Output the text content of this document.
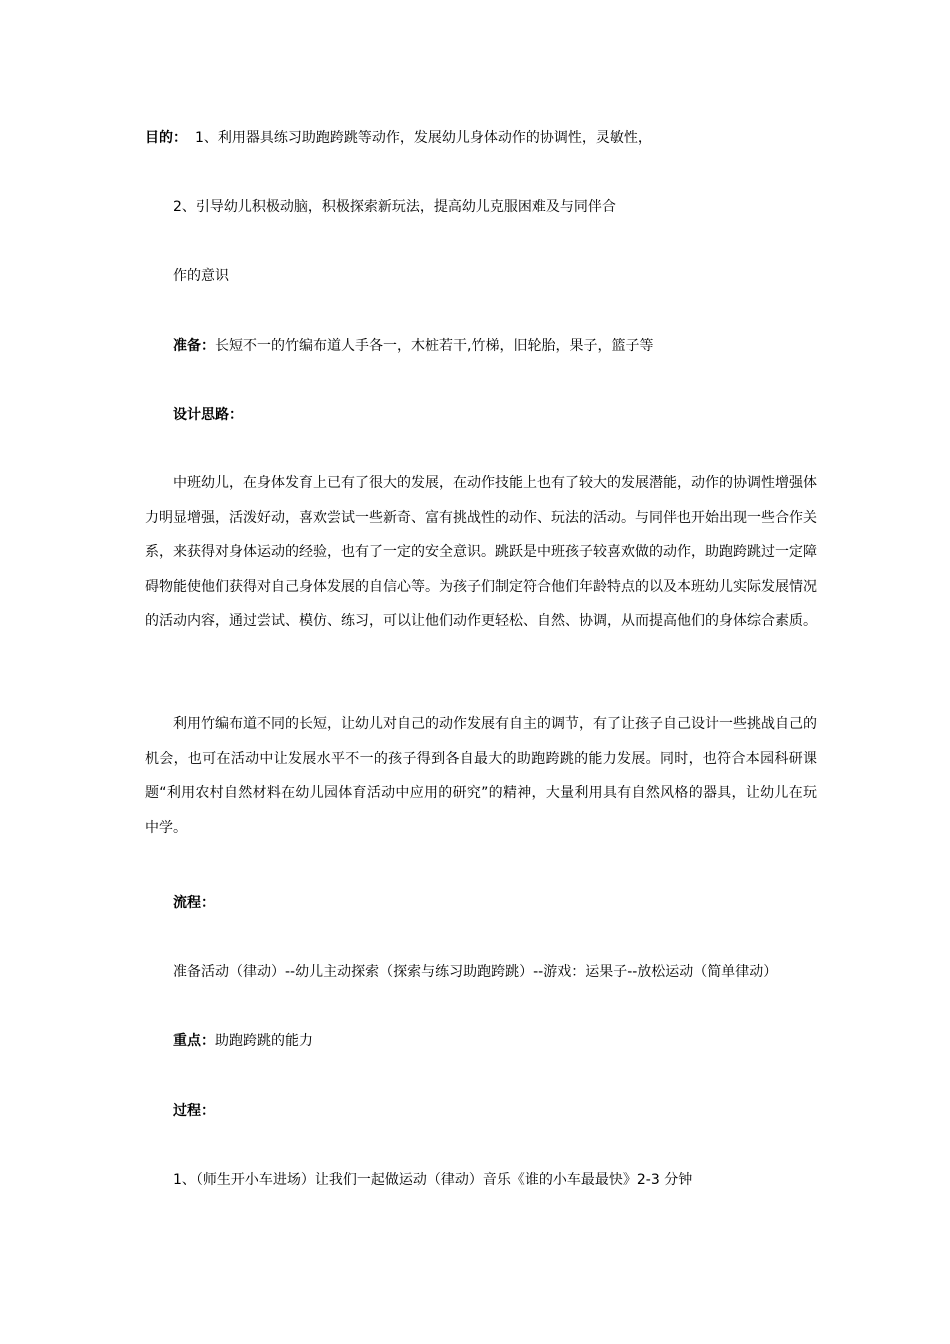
目的： 1、利用器具练习助跑跨跳等动作，发展幼儿身体动作的协调性，灵敏性，
2、引导幼儿积极动脑，积极探索新玩法，提高幼儿克服困难及与同伴合
作的意识
准备：长短不一的竹编布道人手各一，木桩若干,竹梯，旧轮胎，果子，篮子等
设计思路：
中班幼儿，在身体发育上已有了很大的发展，在动作技能上也有了较大的发展潜能，动作的协调性增强体力明显增强，活泼好动，喜欢尝试一些新奇、富有挑战性的动作、玩法的活动。与同伴也开始出现一些合作关系，来获得对身体运动的经验，也有了一定的安全意识。跳跃是中班孩子较喜欢做的动作，助跑跨跳过一定障碍物能使他们获得对自己身体发展的自信心等。为孩子们制定符合他们年龄特点的以及本班幼儿实际发展情况的活动内容，通过尝试、模仿、练习，可以让他们动作更轻松、自然、协调，从而提高他们的身体综合素质。
利用竹编布道不同的长短，让幼儿对自己的动作发展有自主的调节，有了让孩子自己设计一些挑战自己的机会，也可在活动中让发展水平不一的孩子得到各自最大的助跑跨跳的能力发展。同时，也符合本园科研课题“利用农村自然材料在幼儿园体育活动中应用的研究”的精神，大量利用具有自然风格的器具，让幼儿在玩中学。
流程：
准备活动（律动）--幼儿主动探索（探索与练习助跑跨跳）--游戏：运果子--放松运动（简单律动）
重点：助跑跨跳的能力
过程：
1、（师生开小车进场）让我们一起做运动（律动）音乐《谁的小车最最快》2-3 分钟
